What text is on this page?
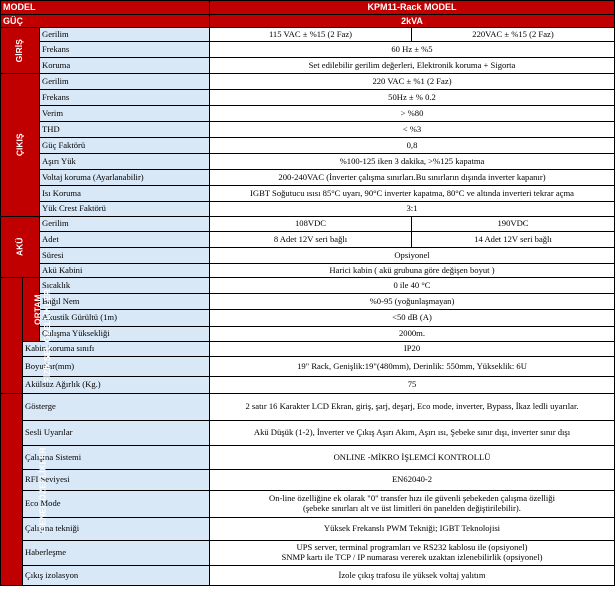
MODEL			KPM11-Rack MODEL	
GÜÇ			2kVA	
GİRİŞ		Gerilim	115 VAC ± %15 (2 Faz)	220VAC ± %15 (2 Faz)
		Frekans	60 Hz ± %5	
		Koruma	Set edilebilir gerilim değerleri, Elektronik koruma + Sigorta	
ÇIKIŞ		Gerilim	220 VAC ± %1 (2 Faz)	
		Frekans	50Hz ± % 0.2	
		Verim	> %80	
		THD	< %3	
		Güç Faktörü	0,8	
		Aşırı Yük	%100-125 iken 3 dakika, >%125 kapatma	
		Voltaj koruma (Ayarlanabilir)	200-240VAC (İnverter çalışma sınırları.Bu sınırların dışında inverter kapanır)	
		Isı Koruma	IGBT Soğutucu ısısı 85°C uyarı, 90°C inverter kapatma, 80°C ve altında inverteri tekrar açma	
		Yük Crest Faktörü	3:1	
AKÜ		Gerilim	108VDC	190VDC
		Adet	8 Adet 12V seri bağlı	14 Adet 12V seri bağlı
		Süresi	Opsiyonel	
		Akü Kabini	Harici kabin ( akü grubuna göre değişen boyut )	
FİZİKSEL ÖZELLİKLER	ORTAM	Sıcaklık	0 ile 40 °C	
		Bağıl Nem	%0-95 (yoğunlaşmayan)	
		Akustik Gürültü (1m)	<50 dB (A)	
		Çalışma Yüksekliği	2000m.	
	Kabin koruma sınıfı		IP20	
	Boyutlar(mm)		19" Rack, Genişlik:19"(480mm), Derinlik: 550mm, Yükseklik: 6U	
	Akülsüz Ağırlık (Kg.)		75	
GENEL ÖZELLİKLER	Gösterge		2 satır 16 Karakter LCD Ekran, giriş, şarj, deşarj, Eco mode, inverter, Bypass, İkaz ledli uyarılar.	
	Sesli Uyarılar		Akü Düşük (1-2), İnverter ve Çıkış Aşırı Akım, Aşırı ısı, Şebeke sınır dışı, inverter sınır dışı	
	Çalışma Sistemi		ONLINE -MİKRO İŞLEMCİ KONTROLLÜ	
	RFI Seviyesi		EN62040-2	
	Eco Mode		On-line özelliğine ek olarak "0" transfer hızı ile güvenli şebekeden çalışma özelliği
(şebeke sınırları alt ve üst limitleri ön panelden değiştirilebilir).	
	Çalışma tekniği		Yüksek Frekanslı PWM Tekniği; IGBT Teknolojisi	
	Haberleşme		UPS server, terminal programları ve RS232 kablosu ile (opsiyonel)
SNMP kartı ile TCP / IP numarası vererek uzaktan izlenebilirlik (opsiyonel)	
	Çıkış izolasyon		İzole çıkış trafosu ile yüksek voltaj yalıtım	
